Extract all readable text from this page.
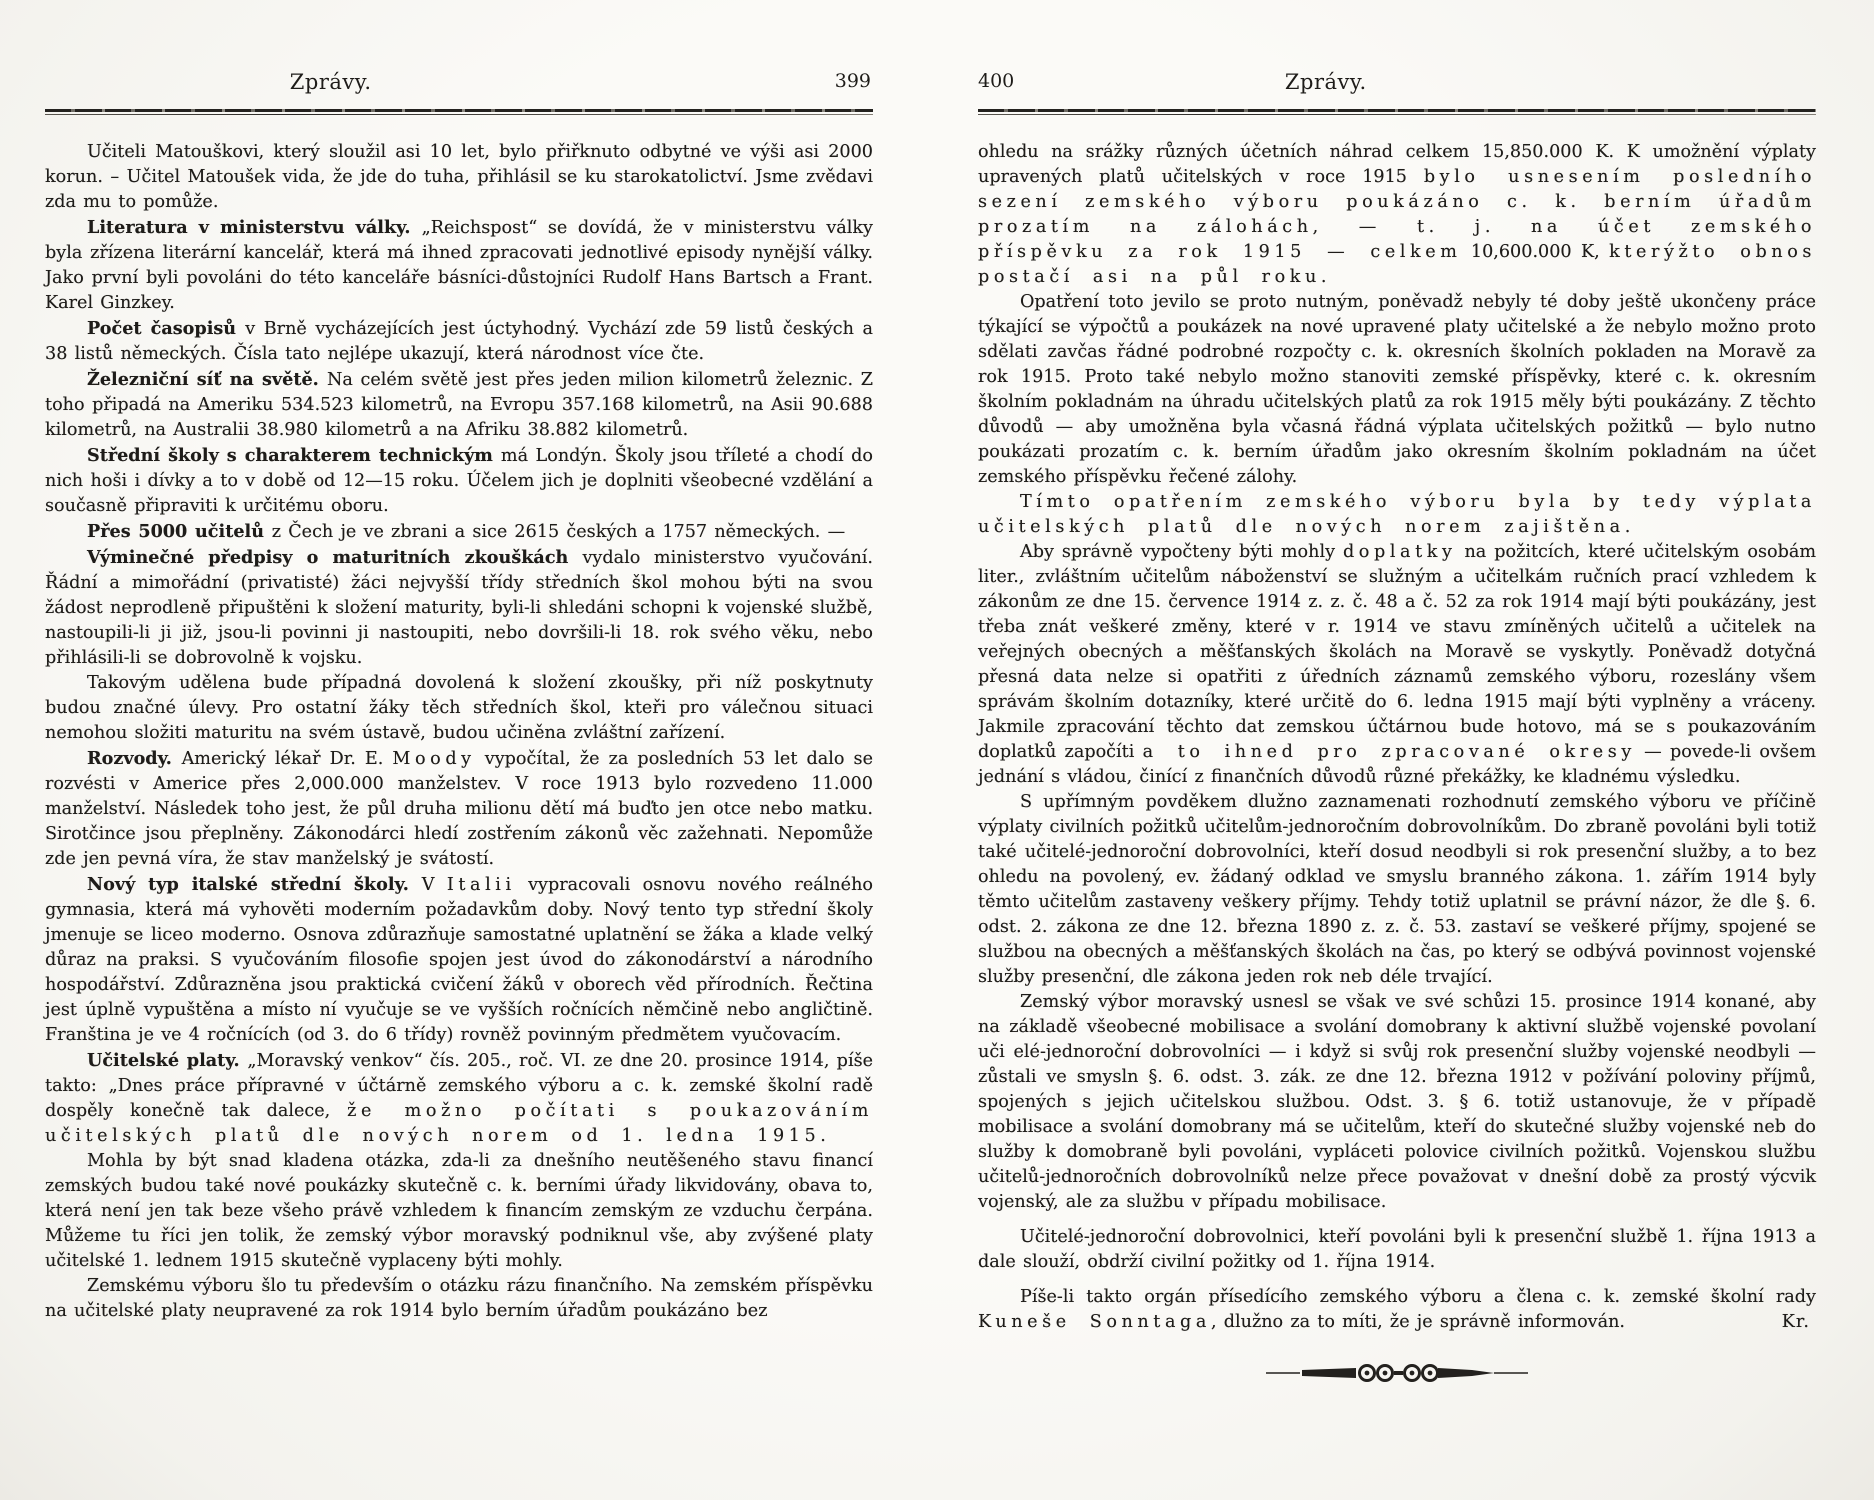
Zprávy.	399

Učiteli Matouškovi, který sloužil asi 10 let, bylo přiřknuto odbytné ve výši asi 2000 korun. – Učitel Matoušek vida, že jde do tuha, přihlásil se ku starokatolictví. Jsme zvědavi zda mu to pomůže.

Literatura v ministerstvu války. „Reichspost“ se dovídá, že v ministerstvu války byla zřízena literární kancelář, která má ihned zpracovati jednotlivé episody nynější války. Jako první byli povoláni do této kanceláře básníci-důstojníci Rudolf Hans Bartsch a Frant. Karel Ginzkey.

Počet časopisů v Brně vycházejících jest úctyhodný. Vychází zde 59 listů českých a 38 listů německých. Čísla tato nejlépe ukazují, která národnost více čte.

Železniční síť na světě. Na celém světě jest přes jeden milion kilometrů železnic. Z toho připadá na Ameriku 534.523 kilometrů, na Evropu 357.168 kilometrů, na Asii 90.688 kilometrů, na Australii 38.980 kilometrů a na Afriku 38.882 kilometrů.

Střední školy s charakterem technickým má Londýn. Školy jsou tříleté a chodí do nich hoši i dívky a to v době od 12—15 roku. Účelem jich je doplniti všeobecné vzdělání a současně připraviti k určitému oboru.

Přes 5000 učitelů z Čech je ve zbrani a sice 2615 českých a 1757 německých. —

Výminečné předpisy o maturitních zkouškách vydalo ministerstvo vyučování. Řádní a mimořádní (privatisté) žáci nejvyšší třídy středních škol mohou býti na svou žádost neprodleně připuštěni k složení maturity, byli-li shledáni schopni k vojenské službě, nastoupili-li ji již, jsou-li povinni ji nastoupiti, nebo dovršili-li 18. rok svého věku, nebo přihlásili-li se dobrovolně k vojsku.

Takovým udělena bude případná dovolená k složení zkoušky, při níž poskytnuty budou značné úlevy. Pro ostatní žáky těch středních škol, kteři pro válečnou situaci nemohou složiti maturitu na svém ústavě, budou učiněna zvláštní zařízení.

Rozvody. Americký lékař Dr. E. Moody vypočítal, že za posledních 53 let dalo se rozvésti v Americe přes 2,000.000 manželstev. V roce 1913 bylo rozvedeno 11.000 manželství. Následek toho jest, že půl druha milionu dětí má buďto jen otce nebo matku. Sirotčince jsou přeplněny. Zákonodárci hledí zostřením zákonů věc zažehnati. Nepomůže zde jen pevná víra, že stav manželský je svátostí.

Nový typ italské střední školy. V Italii vypracovali osnovu nového reálného gymnasia, která má vyhověti moderním požadavkům doby. Nový tento typ střední školy jmenuje se liceo moderno. Osnova zdůrazňuje samostatné uplatnění se žáka a klade velký důraz na praksi. S vyučováním filosofie spojen jest úvod do zákonodárství a národního hospodářství. Zdůrazněna jsou praktická cvičení žáků v oborech věd přírodních. Řečtina jest úplně vypuštěna a místo ní vyučuje se ve vyšších ročnících němčině nebo angličtině. Franština je ve 4 ročnících (od 3. do 6 třídy) rovněž povinným předmětem vyučovacím.

Učitelské platy. „Moravský venkov“ čís. 205., roč. VI. ze dne 20. prosince 1914, píše takto: „Dnes práce přípravné v účtárně zemského výboru a c. k. zemské školní radě dospěly konečně tak dalece, že možno počítati s poukazováním učitelských platů dle nových norem od 1. ledna 1915.

Mohla by být snad kladena otázka, zda-li za dnešního neutěšeného stavu financí zemských budou také nové poukázky skutečně c. k. berními úřady likvidovány, obava to, která není jen tak beze všeho právě vzhledem k financím zemským ze vzduchu čerpána. Můžeme tu říci jen tolik, že zemský výbor moravský podniknul vše, aby zvýšené platy učitelské 1. lednem 1915 skutečně vyplaceny býti mohly.

Zemskému výboru šlo tu především o otázku rázu finančního. Na zemském příspěvku na učitelské platy neupravené za rok 1914 bylo berním úřadům poukázáno bez

400	Zprávy.

ohledu na srážky různých účetních náhrad celkem 15,850.000 K. K umožnění výplaty upravených platů učitelských v roce 1915 bylo usnesením posledního sezení zemského výboru poukázáno c. k. berním úřadům prozatím na zálohách, — t. j. na účet zemského příspěvku za rok 1915 — celkem 10,600.000 K, kterýžto obnos postačí asi na půl roku.

Opatření toto jevilo se proto nutným, poněvadž nebyly té doby ještě ukončeny práce týkající se výpočtů a poukázek na nové upravené platy učitelské a že nebylo možno proto sdělati zavčas řádné podrobné rozpočty c. k. okresních školních pokladen na Moravě za rok 1915. Proto také nebylo možno stanoviti zemské příspěvky, které c. k. okresním školním pokladnám na úhradu učitelských platů za rok 1915 měly býti poukázány. Z těchto důvodů — aby umožněna byla včasná řádná výplata učitelských požitků — bylo nutno poukázati prozatím c. k. berním úřadům jako okresním školním pokladnám na účet zemského příspěvku řečené zálohy.

Tímto opatřením zemského výboru byla by tedy výplata učitelských platů dle nových norem zajištěna.

Aby správně vypočteny býti mohly doplatky na požitcích, které učitelským osobám liter., zvláštním učitelům náboženství se služným a učitelkám ručních prací vzhledem k zákonům ze dne 15. července 1914 z. z. č. 48 a č. 52 za rok 1914 mají býti poukázány, jest třeba znát veškeré změny, které v r. 1914 ve stavu zmíněných učitelů a učitelek na veřejných obecných a měšťanských školách na Moravě se vyskytly. Poněvadž dotyčná přesná data nelze si opatřiti z úředních záznamů zemského výboru, rozeslány všem správám školním dotazníky, které určitě do 6. ledna 1915 mají býti vyplněny a vráceny. Jakmile zpracování těchto dat zemskou účtárnou bude hotovo, má se s poukazováním doplatků započíti a to ihned pro zpracované okresy — povede-li ovšem jednání s vládou, činící z finančních důvodů různé překážky, ke kladnému výsledku.

S upřímným povděkem dlužno zaznamenati rozhodnutí zemského výboru ve příčině výplaty civilních požitků učitelům-jednoročním dobrovolníkům. Do zbraně povoláni byli totiž také učitelé-jednoroční dobrovolníci, kteří dosud neodbyli si rok presenční služby, a to bez ohledu na povolený, ev. žádaný odklad ve smyslu branného zákona. 1. zářím 1914 byly těmto učitelům zastaveny veškery příjmy. Tehdy totiž uplatnil se právní názor, že dle §. 6. odst. 2. zákona ze dne 12. března 1890 z. z. č. 53. zastaví se veškeré příjmy, spojené se službou na obecných a měšťanských školách na čas, po který se odbývá povinnost vojenské služby presenční, dle zákona jeden rok neb déle trvající.

Zemský výbor moravský usnesl se však ve své schůzi 15. prosince 1914 konané, aby na základě všeobecné mobilisace a svolání domobrany k aktivní službě vojenské povolaní uči elé-jednoroční dobrovolníci — i když si svůj rok presenční služby vojenské neodbyli — zůstali ve smysln §. 6. odst. 3. zák. ze dne 12. března 1912 v požívání poloviny příjmů, spojených s jejich učitelskou službou. Odst. 3. § 6. totiž ustanovuje, že v případě mobilisace a svolání domobrany má se učitelům, kteří do skutečné služby vojenské neb do služby k domobraně byli povoláni, vypláceti polovice civilních požitků. Vojenskou službu učitelů-jednoročních dobrovolníků nelze přece považovat v dnešní době za prostý výcvik vojenský, ale za službu v případu mobilisace.

Učitelé-jednoroční dobrovolnici, kteří povoláni byli k presenční službě 1. října 1913 a dale slouží, obdrží civilní požitky od 1. října 1914.

Píše-li takto orgán přísedícího zemského výboru a člena c. k. zemské školní rady Kuneše Sonntaga, dlužno za to míti, že je správně informován.	Kr.
